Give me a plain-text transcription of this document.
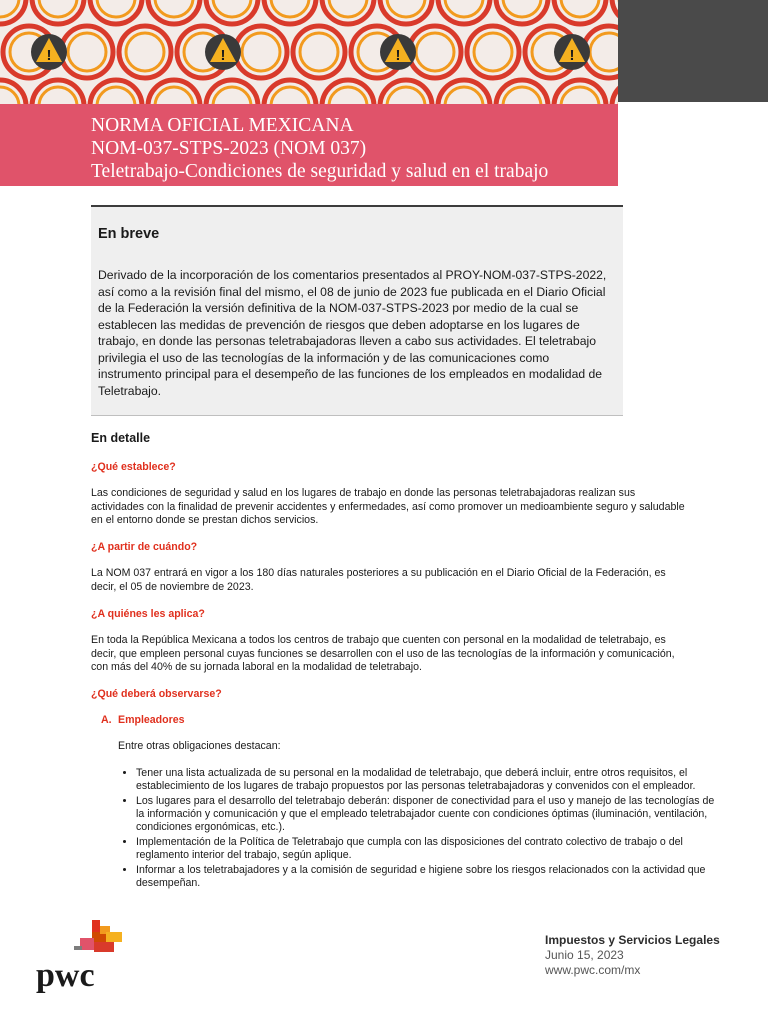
!	!	!	!
NORMA OFICIAL MEXICANA
NOM-037-STPS-2023 (NOM 037)
Teletrabajo-Condiciones de seguridad y salud en el trabajo
En breve

Derivado de la incorporación de los comentarios presentados al PROY-NOM-037-STPS-2022, así como a la revisión final del mismo, el 08 de junio de 2023 fue publicada en el Diario Oficial de la Federación la versión definitiva de la NOM-037-STPS-2023 por medio de la cual se establecen las medidas de prevención de riesgos que deben adoptarse en los lugares de trabajo, en donde las personas teletrabajadoras lleven a cabo sus actividades. El teletrabajo privilegia el uso de las tecnologías de la información y de las comunicaciones como instrumento principal para el desempeño de las funciones de los empleados en modalidad de Teletrabajo.

En detalle

¿Qué establece?

Las condiciones de seguridad y salud en los lugares de trabajo en donde las personas teletrabajadoras realizan sus actividades con la finalidad de prevenir accidentes y enfermedades, así como promover un medioambiente seguro y saludable en el entorno donde se prestan dichos servicios.

¿A partir de cuándo?

La NOM 037 entrará en vigor a los 180 días naturales posteriores a su publicación en el Diario Oficial de la Federación, es decir, el 05 de noviembre de 2023.

¿A quiénes les aplica?

En toda la República Mexicana a todos los centros de trabajo que cuenten con personal en la modalidad de teletrabajo, es decir, que empleen personal cuyas funciones se desarrollen con el uso de las tecnologías de la información y comunicación, con más del 40% de su jornada laboral en la modalidad de teletrabajo.

¿Qué deberá observarse?

A. Empleadores

Entre otras obligaciones destacan:

• Tener una lista actualizada de su personal en la modalidad de teletrabajo, que deberá incluir, entre otros requisitos, el establecimiento de los lugares de trabajo propuestos por las personas teletrabajadoras y convenidos con el empleador.
• Los lugares para el desarrollo del teletrabajo deberán: disponer de conectividad para el uso y manejo de las tecnologías de la información y comunicación y que el empleado teletrabajador cuente con condiciones óptimas (iluminación, ventilación, condiciones ergonómicas, etc.).
• Implementación de la Política de Teletrabajo que cumpla con las disposiciones del contrato colectivo de trabajo o del reglamento interior del trabajo, según aplique.
• Informar a los teletrabajadores y a la comisión de seguridad e higiene sobre los riesgos relacionados con la actividad que desempeñan.
pwc
Impuestos y Servicios Legales
Junio 15, 2023
www.pwc.com/mx
